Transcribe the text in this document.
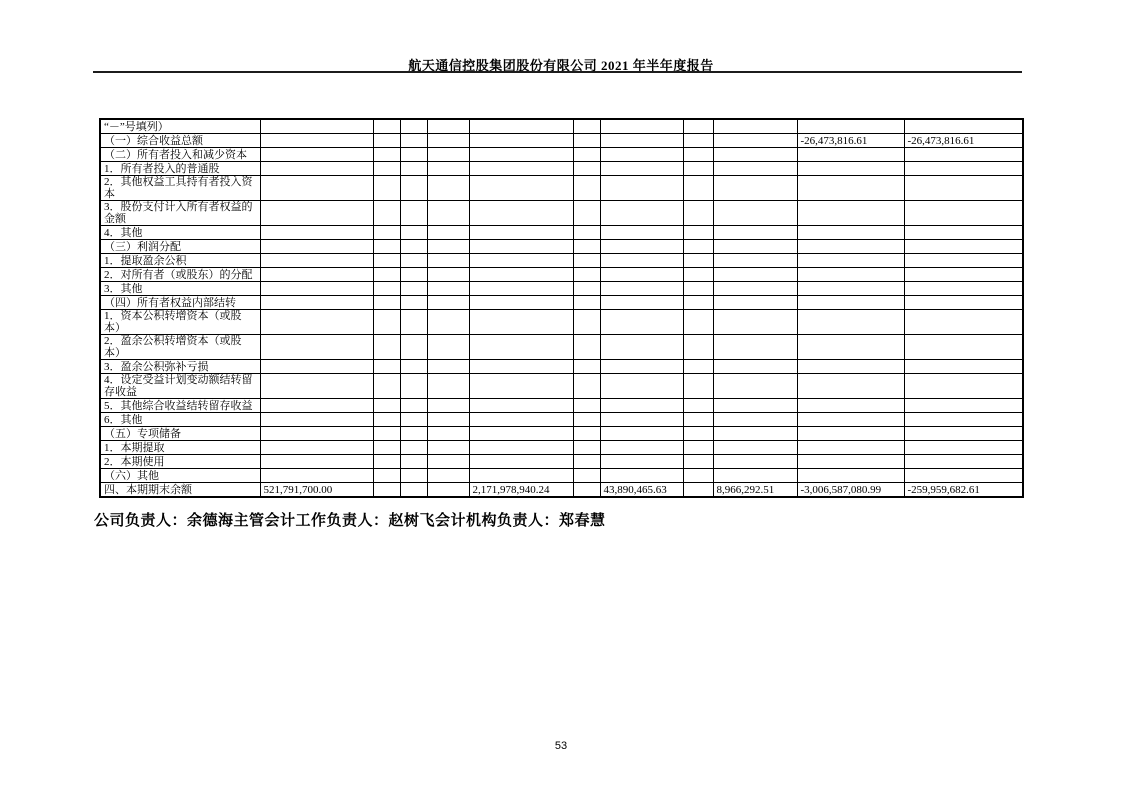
航天通信控股集团股份有限公司 2021 年半年度报告
“－”号填列）											
（一）综合收益总额										-26,473,816.61	-26,473,816.61
（二）所有者投入和减少资本											
1．所有者投入的普通股											
2．其他权益工具持有者投入资本											
3．股份支付计入所有者权益的金额											
4．其他											
（三）利润分配											
1．提取盈余公积											
2．对所有者（或股东）的分配											
3．其他											
（四）所有者权益内部结转											
1．资本公积转增资本（或股本）											
2．盈余公积转增资本（或股本）											
3．盈余公积弥补亏损											
4．设定受益计划变动额结转留存收益											
5．其他综合收益结转留存收益											
6．其他											
（五）专项储备											
1．本期提取											
2．本期使用											
（六）其他											
四、本期期末余额	521,791,700.00				2,171,978,940.24		43,890,465.63		8,966,292.51	-3,006,587,080.99	-259,959,682.61
公司负责人：余德海主管会计工作负责人：赵树飞会计机构负责人：郑春慧
53
